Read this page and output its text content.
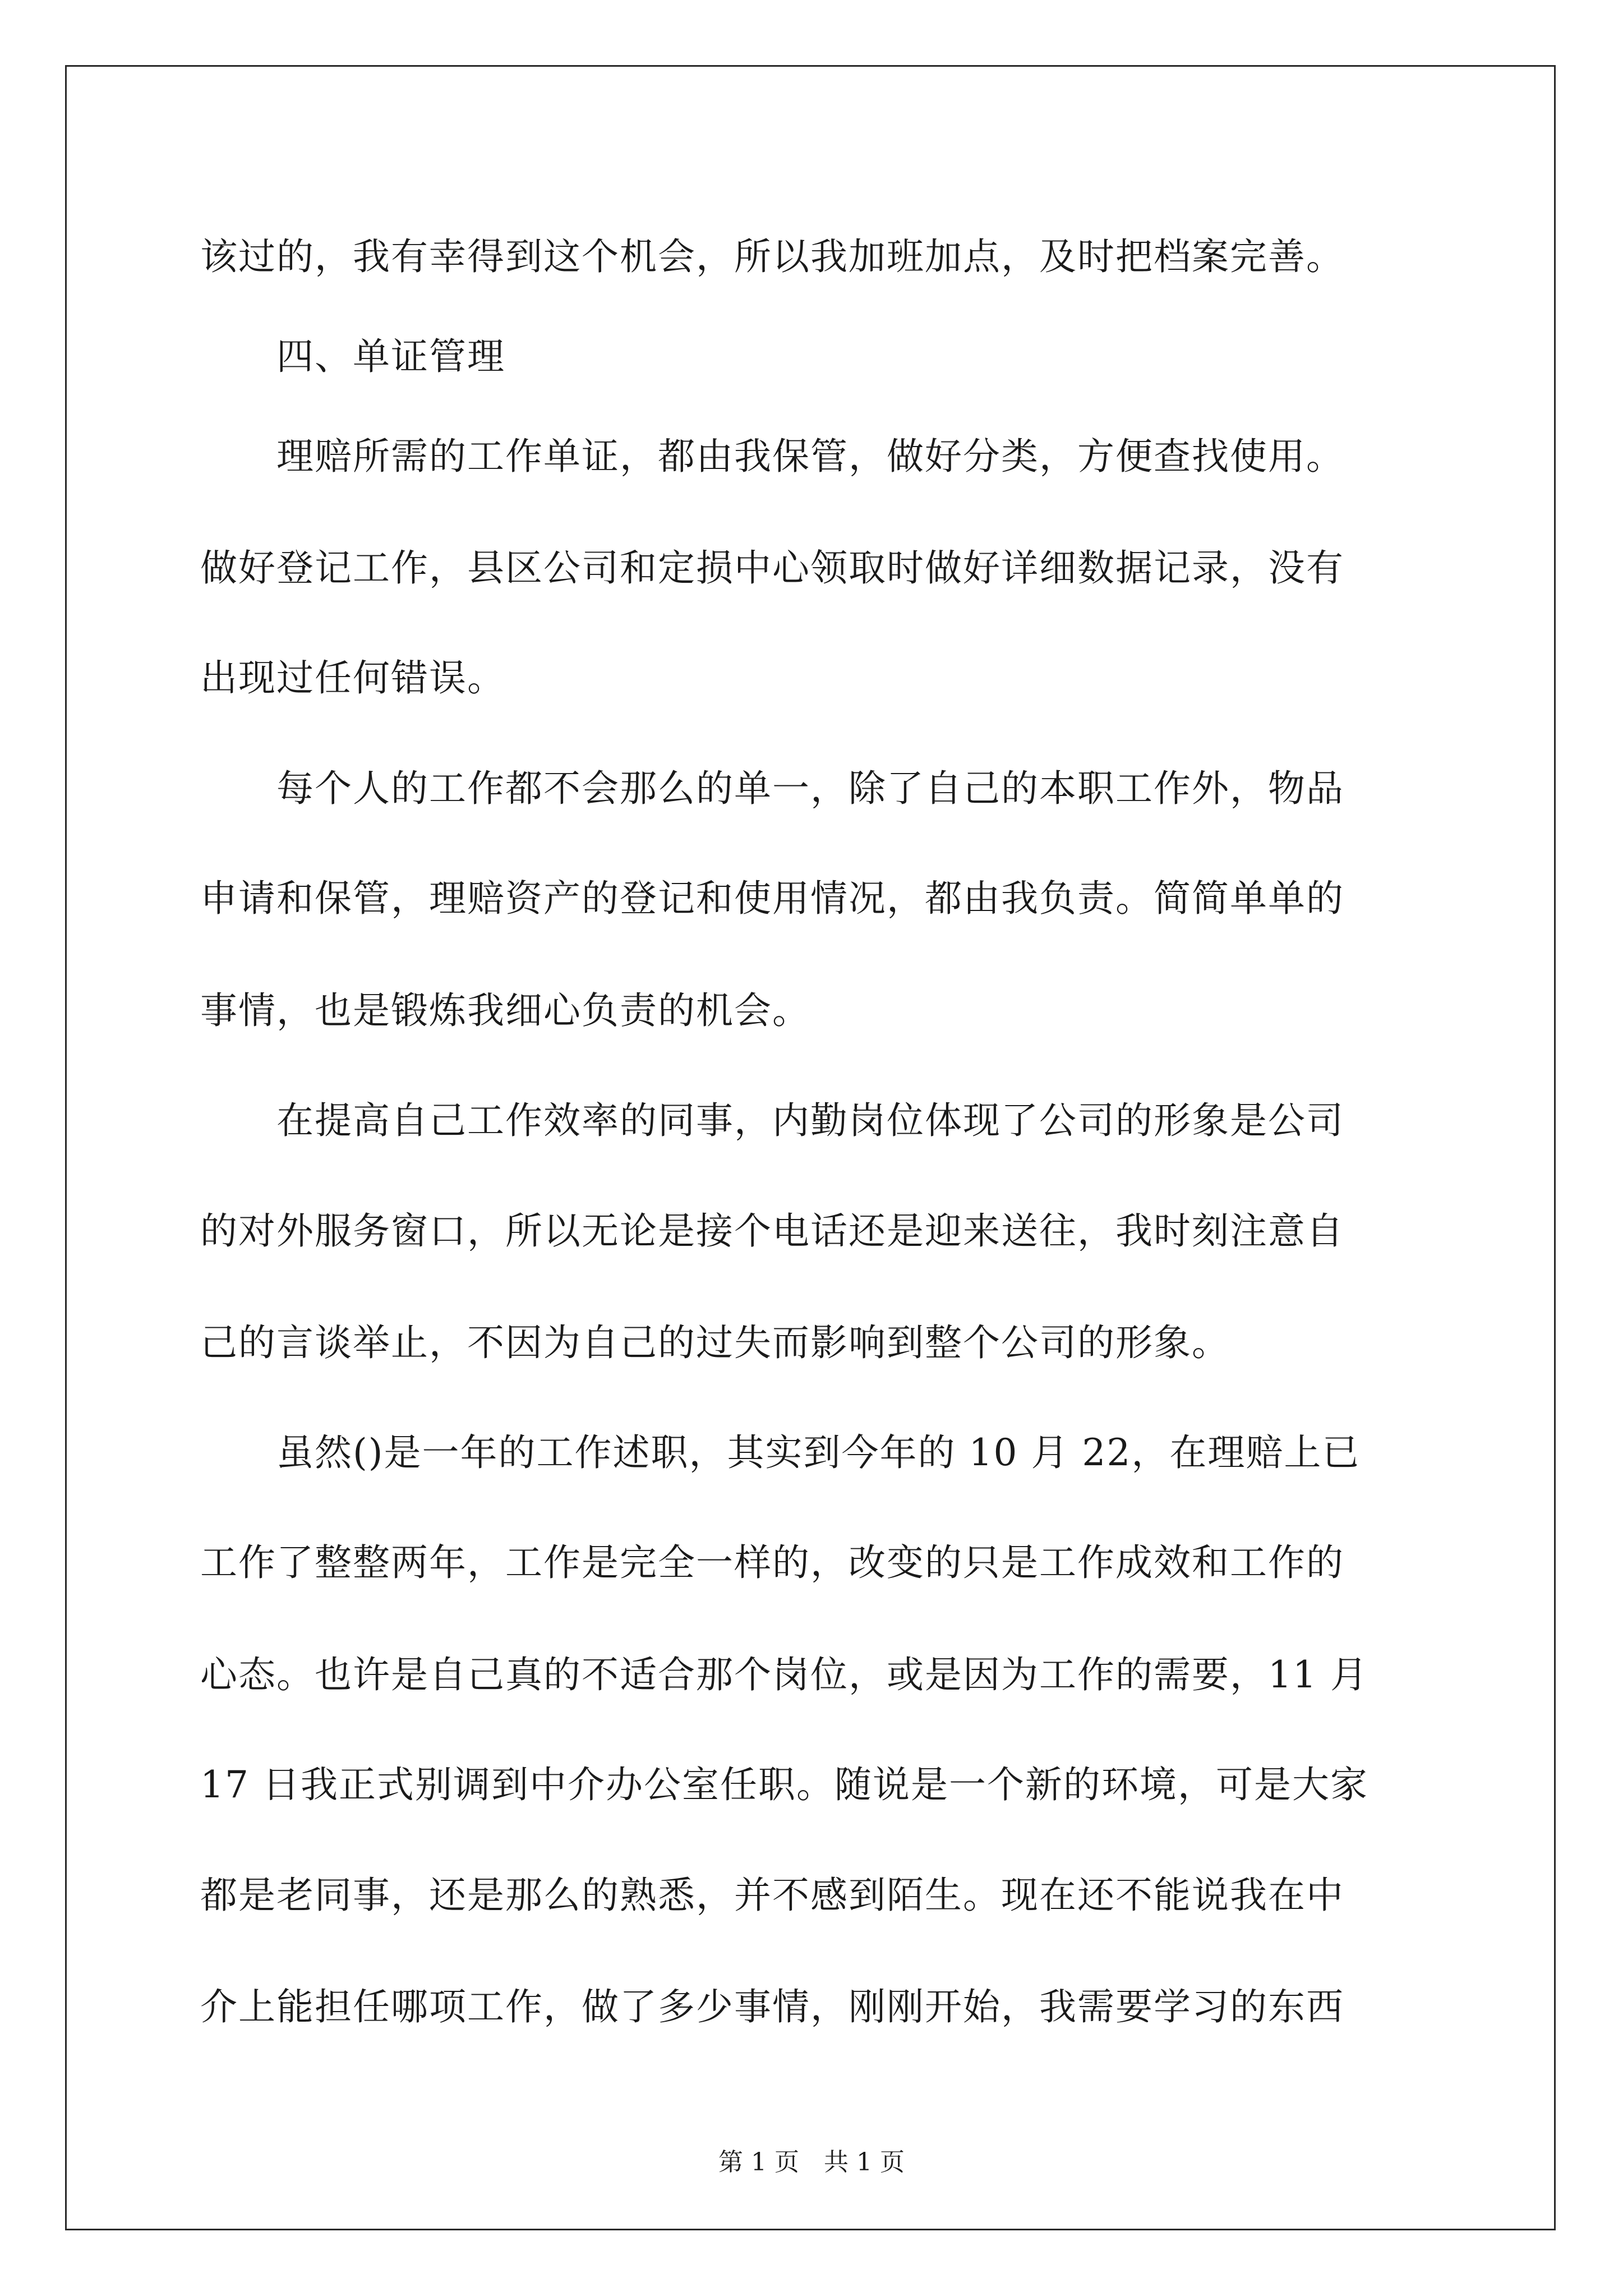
该过的，我有幸得到这个机会，所以我加班加点，及时把档案完善。
　　四、单证管理
　　理赔所需的工作单证，都由我保管，做好分类，方便查找使用。
做好登记工作，县区公司和定损中心领取时做好详细数据记录，没有
出现过任何错误。
　　每个人的工作都不会那么的单一，除了自己的本职工作外，物品
申请和保管，理赔资产的登记和使用情况，都由我负责。简简单单的
事情，也是锻炼我细心负责的机会。
　　在提高自己工作效率的同事，内勤岗位体现了公司的形象是公司
的对外服务窗口，所以无论是接个电话还是迎来送往，我时刻注意自
己的言谈举止，不因为自己的过失而影响到整个公司的形象。
　　虽然()是一年的工作述职，其实到今年的 10 月 22，在理赔上已
工作了整整两年，工作是完全一样的，改变的只是工作成效和工作的
心态。也许是自己真的不适合那个岗位，或是因为工作的需要，11 月
17 日我正式别调到中介办公室任职。随说是一个新的环境，可是大家
都是老同事，还是那么的熟悉，并不感到陌生。现在还不能说我在中
介上能担任哪项工作，做了多少事情，刚刚开始，我需要学习的东西
第 1 页　共 1 页
